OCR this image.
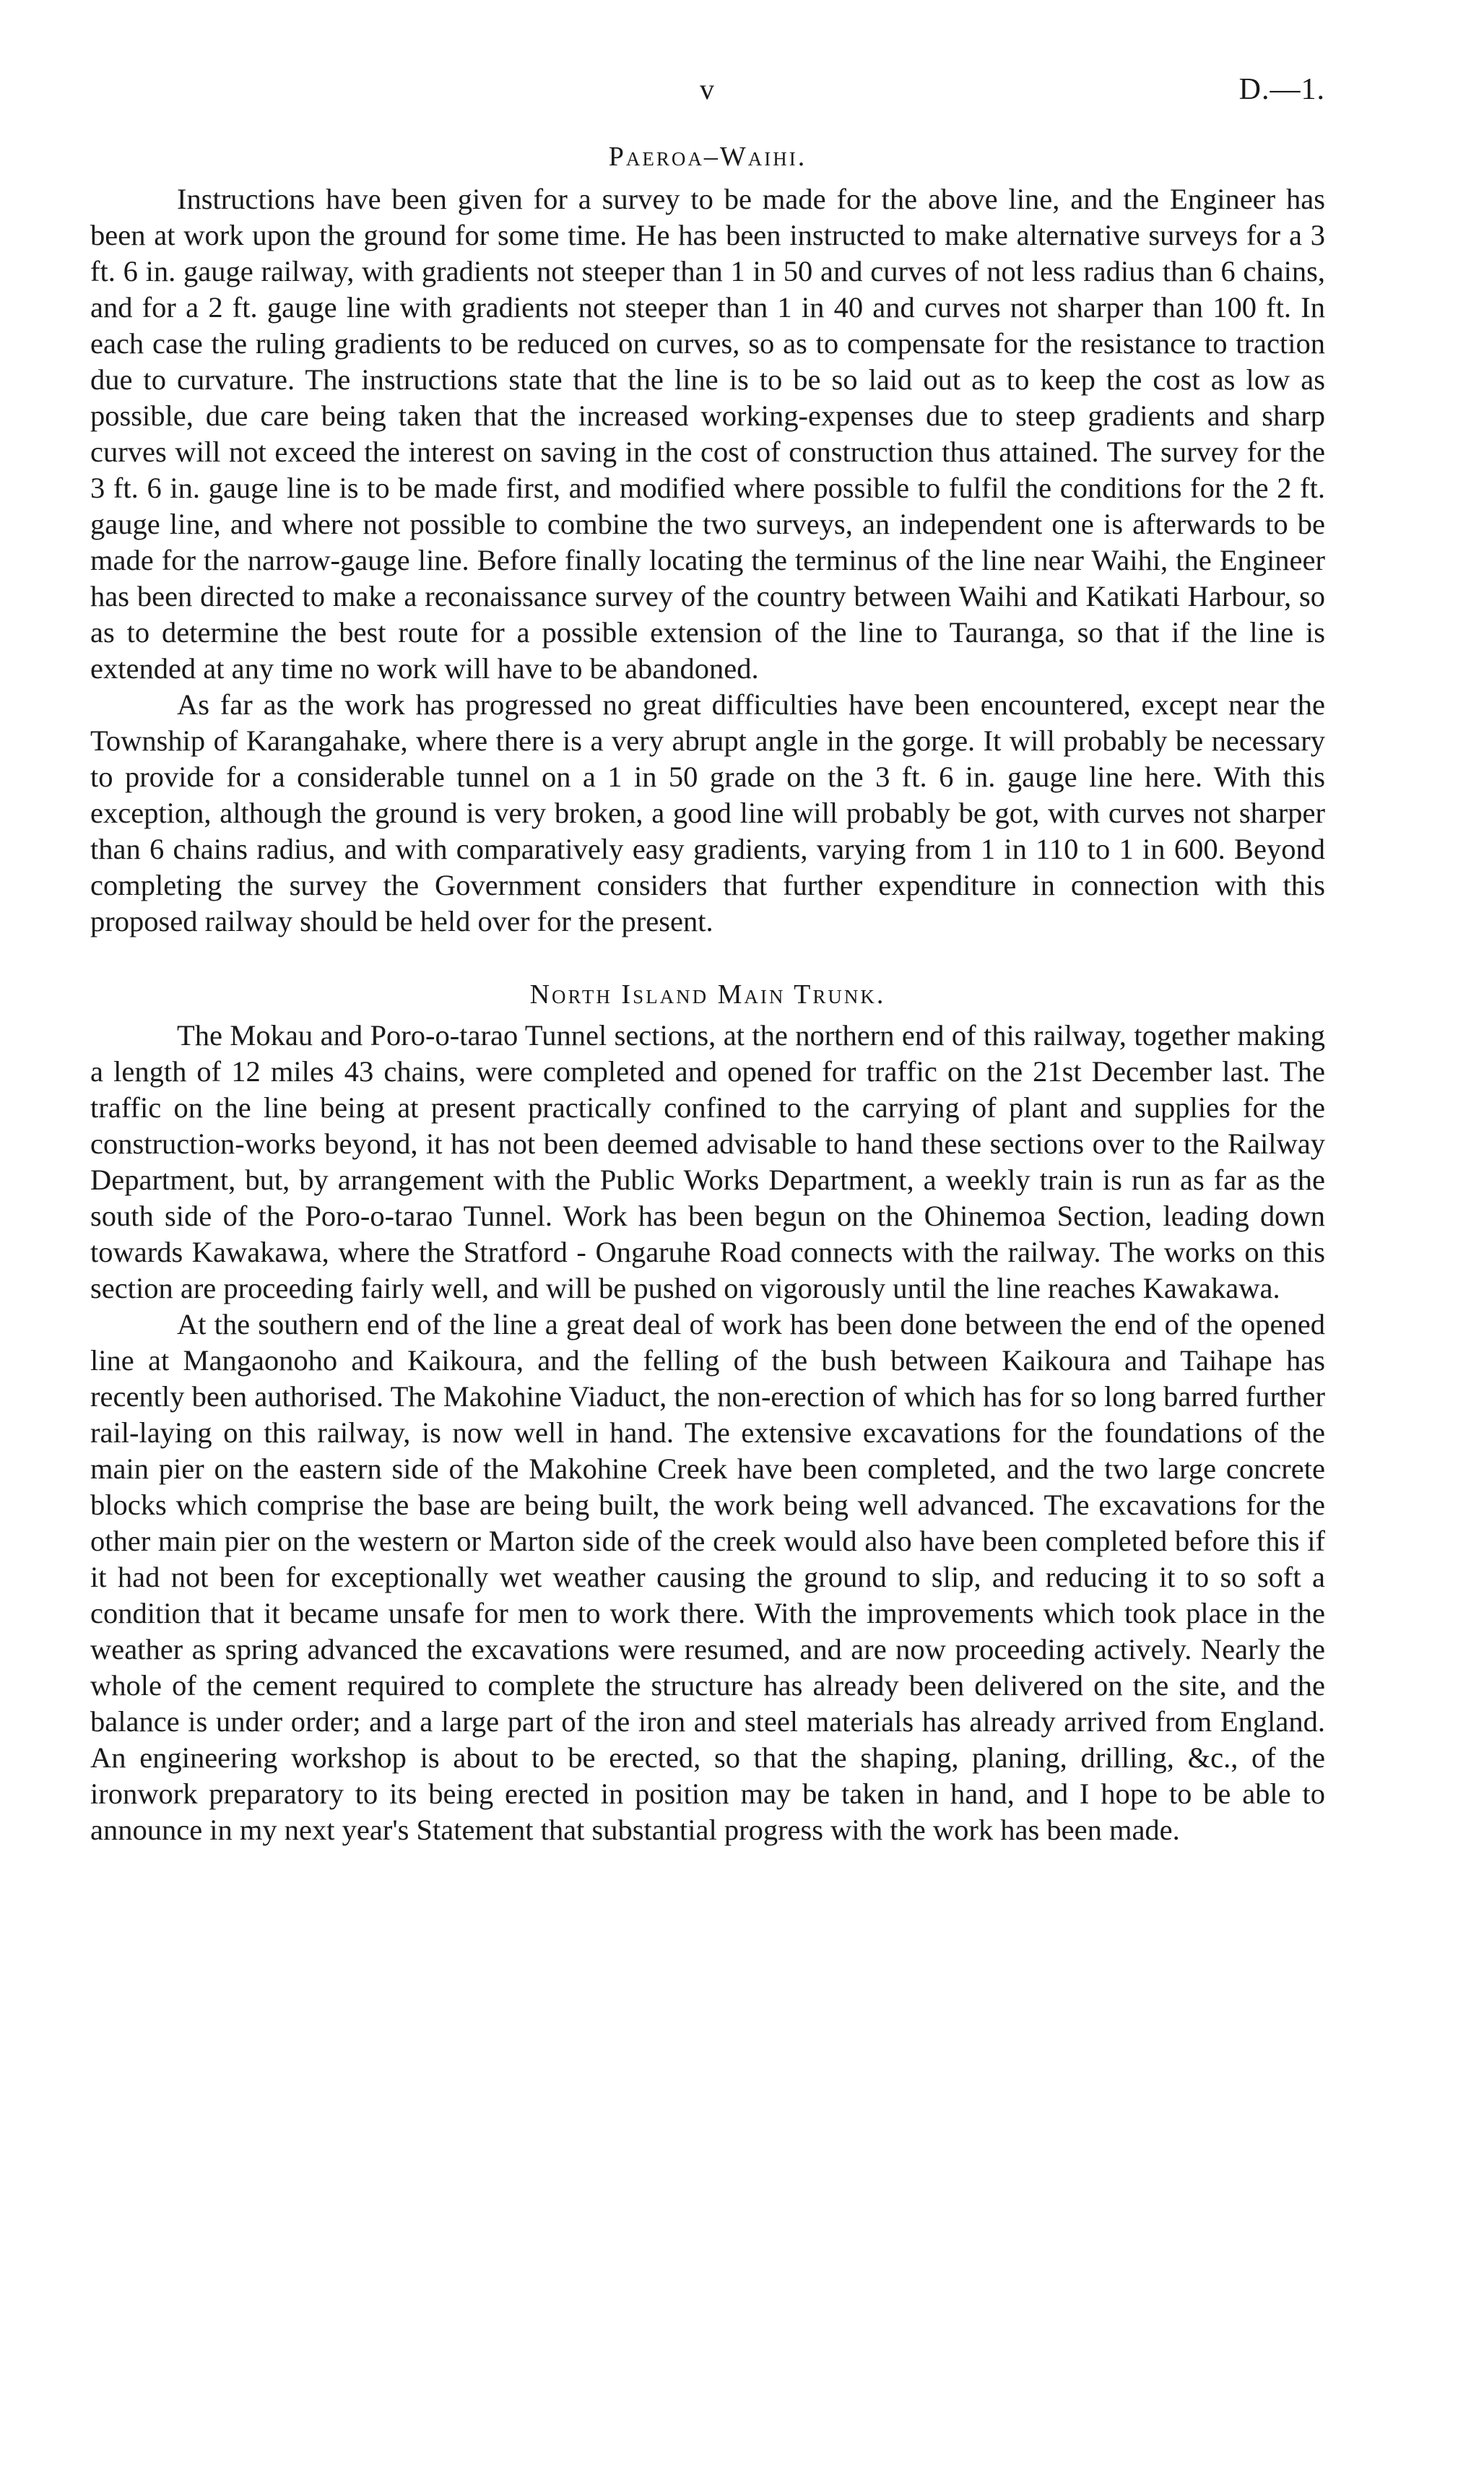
v	D.—1.
Paeroa–Waihi.

Instructions have been given for a survey to be made for the above line, and the Engineer has been at work upon the ground for some time. He has been instructed to make alternative surveys for a 3 ft. 6 in. gauge railway, with gradients not steeper than 1 in 50 and curves of not less radius than 6 chains, and for a 2 ft. gauge line with gradients not steeper than 1 in 40 and curves not sharper than 100 ft. In each case the ruling gradients to be reduced on curves, so as to compensate for the resistance to traction due to curvature. The instructions state that the line is to be so laid out as to keep the cost as low as possible, due care being taken that the increased working-expenses due to steep gradients and sharp curves will not exceed the interest on saving in the cost of construction thus attained. The survey for the 3 ft. 6 in. gauge line is to be made first, and modified where possible to fulfil the conditions for the 2 ft. gauge line, and where not possible to combine the two surveys, an independent one is afterwards to be made for the narrow-gauge line. Before finally locating the terminus of the line near Waihi, the Engineer has been directed to make a reconaissance survey of the country between Waihi and Katikati Harbour, so as to determine the best route for a possible extension of the line to Tauranga, so that if the line is extended at any time no work will have to be abandoned.

As far as the work has progressed no great difficulties have been encountered, except near the Township of Karangahake, where there is a very abrupt angle in the gorge. It will probably be necessary to provide for a considerable tunnel on a 1 in 50 grade on the 3 ft. 6 in. gauge line here. With this exception, although the ground is very broken, a good line will probably be got, with curves not sharper than 6 chains radius, and with comparatively easy gradients, varying from 1 in 110 to 1 in 600. Beyond completing the survey the Government considers that further expenditure in connection with this proposed railway should be held over for the present.

North Island Main Trunk.

The Mokau and Poro-o-tarao Tunnel sections, at the northern end of this railway, together making a length of 12 miles 43 chains, were completed and opened for traffic on the 21st December last. The traffic on the line being at present practically confined to the carrying of plant and supplies for the construction-works beyond, it has not been deemed advisable to hand these sections over to the Railway Department, but, by arrangement with the Public Works Department, a weekly train is run as far as the south side of the Poro-o-tarao Tunnel. Work has been begun on the Ohinemoa Section, leading down towards Kawakawa, where the Stratford - Ongaruhe Road connects with the railway. The works on this section are proceeding fairly well, and will be pushed on vigorously until the line reaches Kawakawa.

At the southern end of the line a great deal of work has been done between the end of the opened line at Mangaonoho and Kaikoura, and the felling of the bush between Kaikoura and Taihape has recently been authorised. The Makohine Viaduct, the non-erection of which has for so long barred further rail-laying on this railway, is now well in hand. The extensive excavations for the foundations of the main pier on the eastern side of the Makohine Creek have been completed, and the two large concrete blocks which comprise the base are being built, the work being well advanced. The excavations for the other main pier on the western or Marton side of the creek would also have been completed before this if it had not been for exceptionally wet weather causing the ground to slip, and reducing it to so soft a condition that it became unsafe for men to work there. With the improvements which took place in the weather as spring advanced the excavations were resumed, and are now proceeding actively. Nearly the whole of the cement required to complete the structure has already been delivered on the site, and the balance is under order; and a large part of the iron and steel materials has already arrived from England. An engineering workshop is about to be erected, so that the shaping, planing, drilling, &c., of the ironwork preparatory to its being erected in position may be taken in hand, and I hope to be able to announce in my next year's Statement that substantial progress with the work has been made.
